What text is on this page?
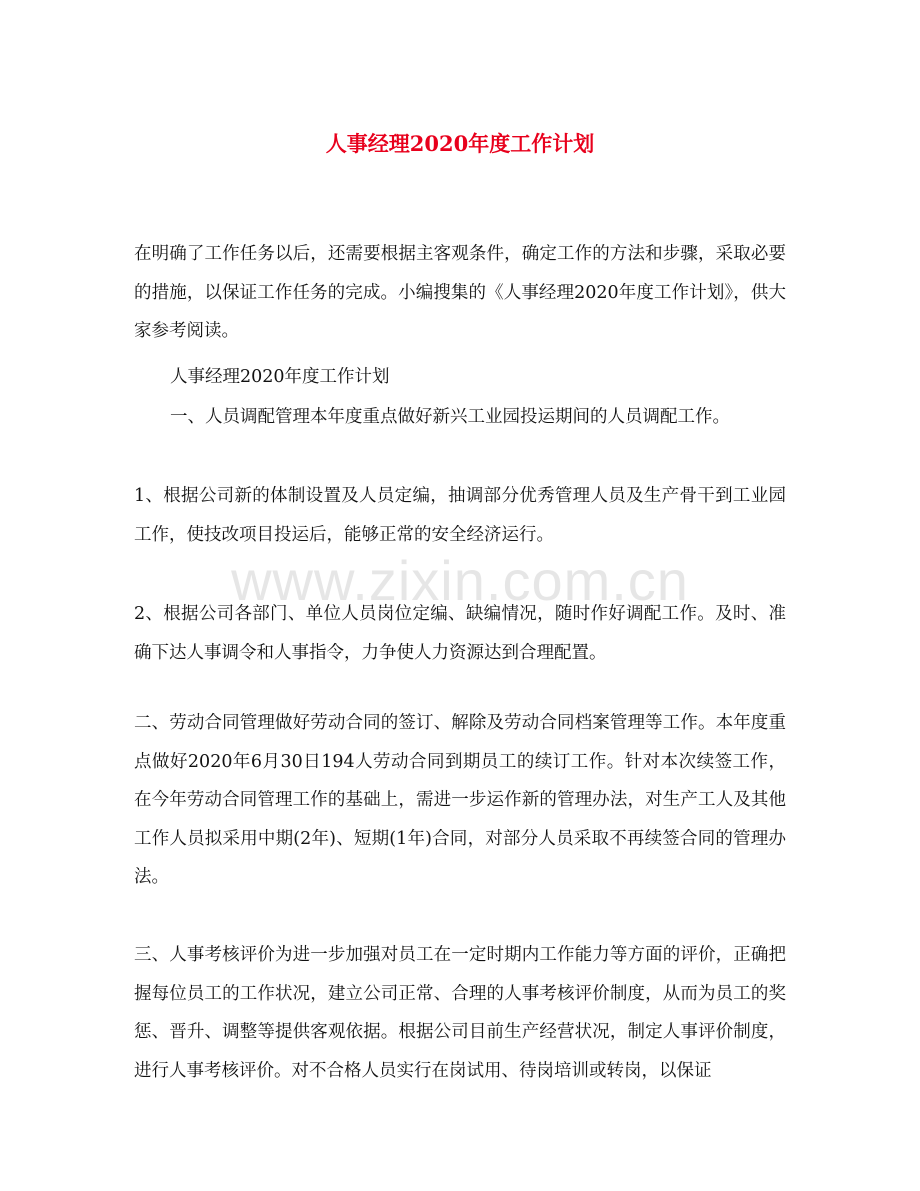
人事经理2020年度工作计划
www.zixin.com.cn

在明确了工作任务以后，还需要根据主客观条件，确定工作的方法和步骤，采取必要的措施，以保证工作任务的完成。小编搜集的《人事经理2020年度工作计划》，供大家参考阅读。

人事经理2020年度工作计划

一、人员调配管理本年度重点做好新兴工业园投运期间的人员调配工作。

1、根据公司新的体制设置及人员定编，抽调部分优秀管理人员及生产骨干到工业园工作，使技改项目投运后，能够正常的安全经济运行。

2、根据公司各部门、单位人员岗位定编、缺编情况，随时作好调配工作。及时、准确下达人事调令和人事指令，力争使人力资源达到合理配置。

二、劳动合同管理做好劳动合同的签订、解除及劳动合同档案管理等工作。本年度重点做好2020年6月30日194人劳动合同到期员工的续订工作。针对本次续签工作，在今年劳动合同管理工作的基础上，需进一步运作新的管理办法，对生产工人及其他工作人员拟采用中期(2年)、短期(1年)合同，对部分人员采取不再续签合同的管理办法。

三、人事考核评价为进一步加强对员工在一定时期内工作能力等方面的评价，正确把握每位员工的工作状况，建立公司正常、合理的人事考核评价制度，从而为员工的奖惩、晋升、调整等提供客观依据。根据公司目前生产经营状况，制定人事评价制度，进行人事考核评价。对不合格人员实行在岗试用、待岗培训或转岗，以保证
